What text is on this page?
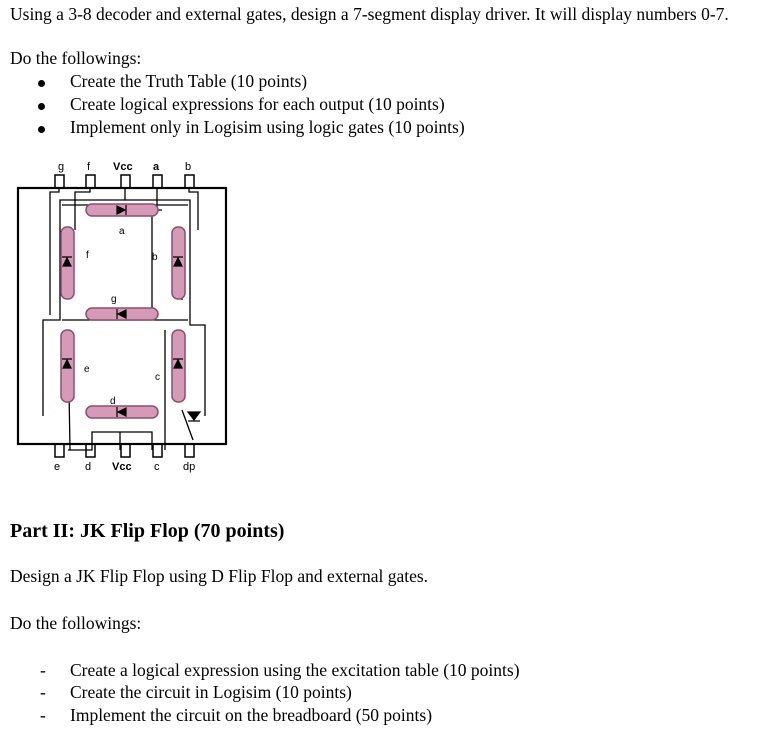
Using a 3-8 decoder and external gates, design a 7-segment display driver. It will display numbers 0-7.
Do the followings:
Create the Truth Table (10 points)
Create logical expressions for each output (10 points)
Implement only in Logisim using logic gates (10 points)
g f Vcc a b
a
b
c
d
e
f
g
e d Vcc c dp
Part II: JK Flip Flop (70 points)
Design a JK Flip Flop using D Flip Flop and external gates.
Do the followings:
- Create a logical expression using the excitation table (10 points)
- Create the circuit in Logisim (10 points)
- Implement the circuit on the breadboard (50 points)
